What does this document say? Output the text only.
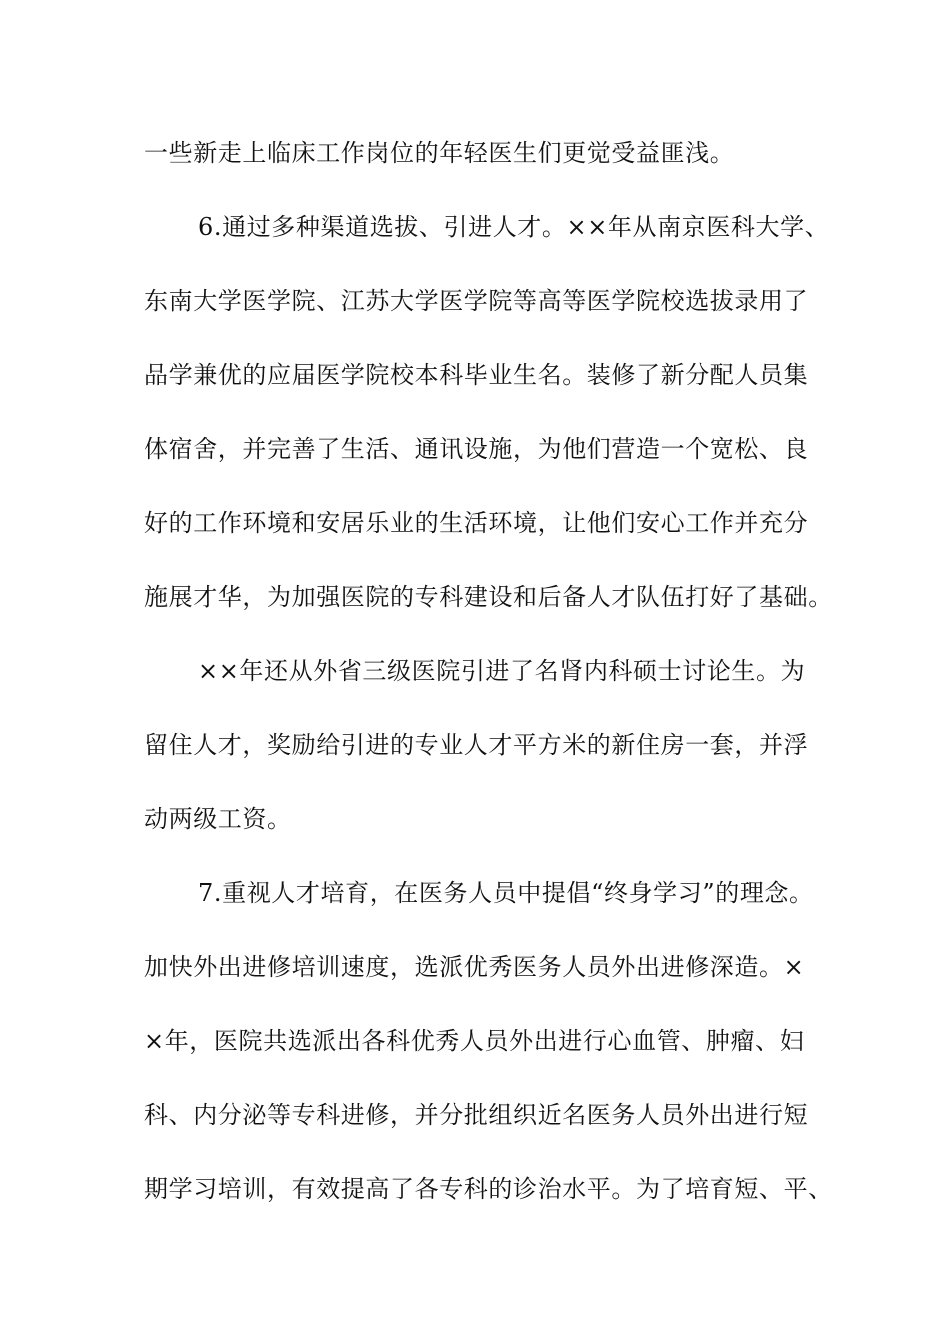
一些新走上临床工作岗位的年轻医生们更觉受益匪浅。
6.通过多种渠道选拔、引进人才。××年从南京医科大学、
东南大学医学院、江苏大学医学院等高等医学院校选拔录用了
品学兼优的应届医学院校本科毕业生名。装修了新分配人员集
体宿舍，并完善了生活、通讯设施，为他们营造一个宽松、良
好的工作环境和安居乐业的生活环境，让他们安心工作并充分
施展才华，为加强医院的专科建设和后备人才队伍打好了基础。
××年还从外省三级医院引进了名肾内科硕士讨论生。为
留住人才，奖励给引进的专业人才平方米的新住房一套，并浮
动两级工资。
7.重视人才培育，在医务人员中提倡“终身学习”的理念。
加快外出进修培训速度，选派优秀医务人员外出进修深造。×
×年，医院共选派出各科优秀人员外出进行心血管、肿瘤、妇
科、内分泌等专科进修，并分批组织近名医务人员外出进行短
期学习培训，有效提高了各专科的诊治水平。为了培育短、平、
